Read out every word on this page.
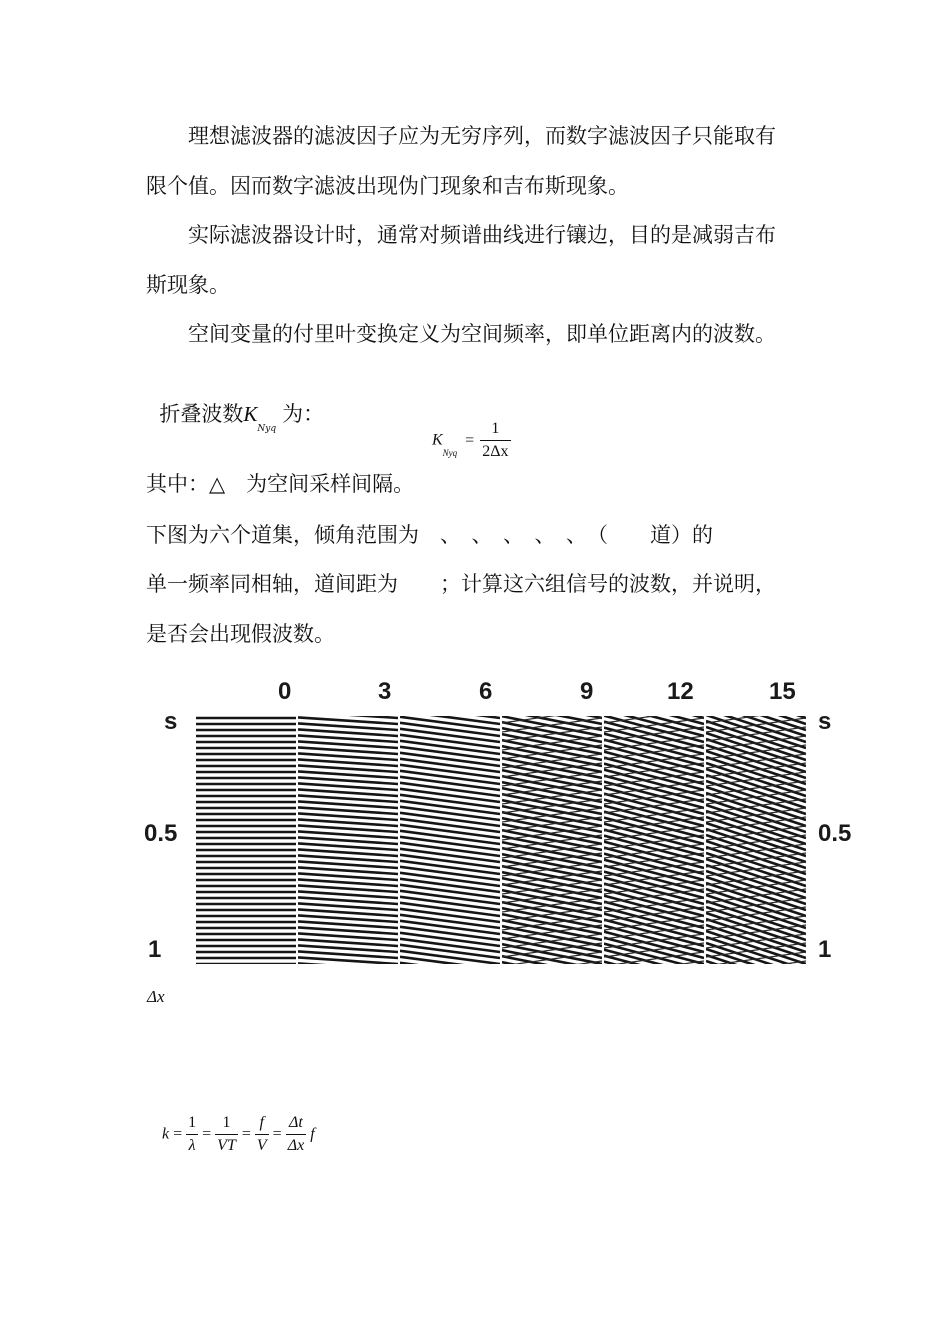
理想滤波器的滤波因子应为无穷序列，而数字滤波因子只能取有
限个值。因而数字滤波出现伪门现象和吉布斯现象。
实际滤波器设计时，通常对频谱曲线进行镶边，目的是减弱吉布
斯现象。
空间变量的付里叶变换定义为空间频率，即单位距离内的波数。

折叠波数$K_{Nyq}$为：

$K_{Nyq}= \frac{1}{2\Delta x}$
其中：△　为空间采样间隔。
下图为六个道集，倾角范围为　、　、　、　、　、　（　　道）的
单一频率同相轴，道间距为　　；计算这六组信号的波数，并说明，
是否会出现假波数。
0	3	6	9	12	15
s	s
0.5	0.5
1	1
Δx
$k = \frac{1}{\lambda} = \frac{1}{VT} = \frac{f}{V} = \frac{\Delta t}{\Delta x}$ f
